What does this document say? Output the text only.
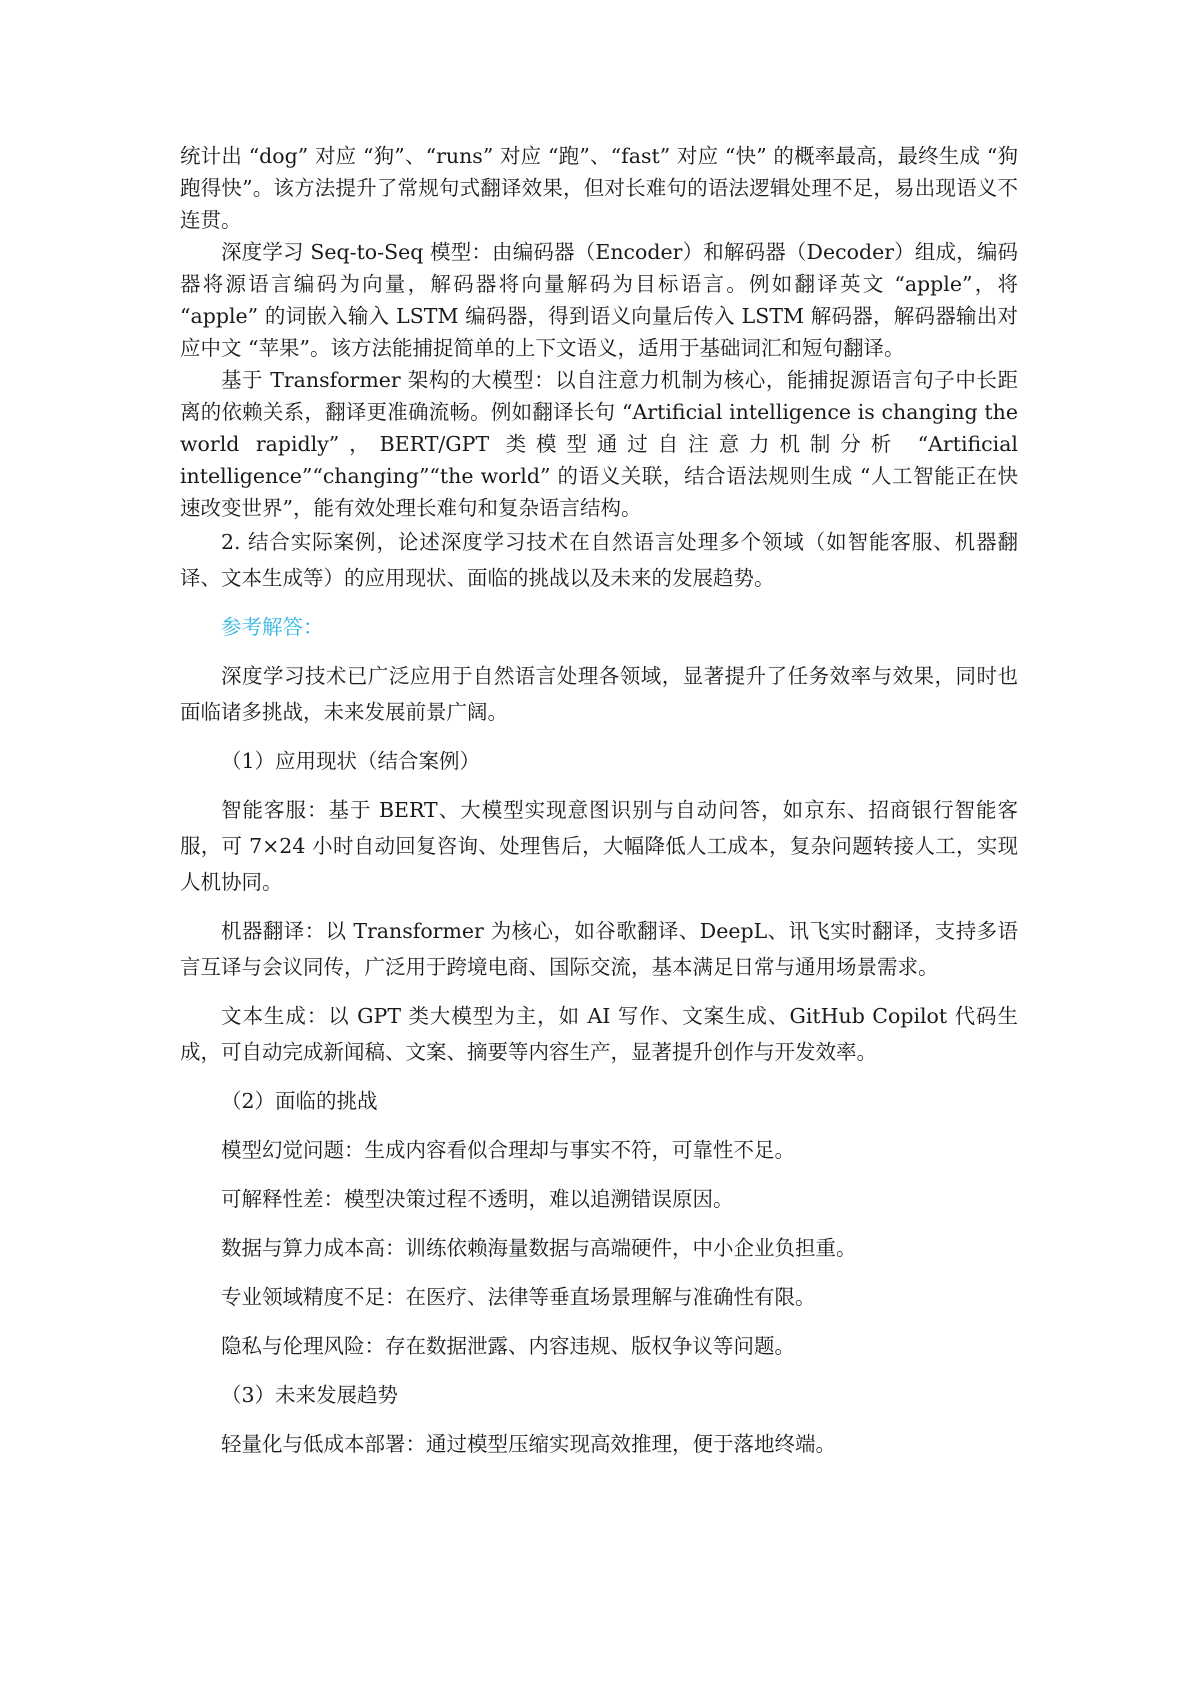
统计出 “dog” 对应 “狗”、“runs” 对应 “跑”、“fast” 对应 “快” 的概率最高，最终生成 “狗跑得快”。该方法提升了常规句式翻译效果，但对长难句的语法逻辑处理不足，易出现语义不连贯。

深度学习 Seq-to-Seq 模型：由编码器（Encoder）和解码器（Decoder）组成，编码器将源语言编码为向量，解码器将向量解码为目标语言。例如翻译英文 “apple”，将 “apple” 的词嵌入输入 LSTM 编码器，得到语义向量后传入 LSTM 解码器，解码器输出对应中文 “苹果”。该方法能捕捉简单的上下文语义，适用于基础词汇和短句翻译。

基于 Transformer 架构的大模型：以自注意力机制为核心，能捕捉源语言句子中长距离的依赖关系，翻译更准确流畅。例如翻译长句 “Artificial intelligence is changing the world rapidly”，BERT/GPT 类模型通过自注意力机制分析 “Artificial intelligence”“changing”“the world” 的语义关联，结合语法规则生成 “人工智能正在快速改变世界”，能有效处理长难句和复杂语言结构。

2. 结合实际案例，论述深度学习技术在自然语言处理多个领域（如智能客服、机器翻译、文本生成等）的应用现状、面临的挑战以及未来的发展趋势。

参考解答：

深度学习技术已广泛应用于自然语言处理各领域，显著提升了任务效率与效果，同时也面临诸多挑战，未来发展前景广阔。

（1）应用现状（结合案例）

智能客服：基于 BERT、大模型实现意图识别与自动问答，如京东、招商银行智能客服，可 7×24 小时自动回复咨询、处理售后，大幅降低人工成本，复杂问题转接人工，实现人机协同。

机器翻译：以 Transformer 为核心，如谷歌翻译、DeepL、讯飞实时翻译，支持多语言互译与会议同传，广泛用于跨境电商、国际交流，基本满足日常与通用场景需求。

文本生成：以 GPT 类大模型为主，如 AI 写作、文案生成、GitHub Copilot 代码生成，可自动完成新闻稿、文案、摘要等内容生产，显著提升创作与开发效率。

（2）面临的挑战

模型幻觉问题：生成内容看似合理却与事实不符，可靠性不足。

可解释性差：模型决策过程不透明，难以追溯错误原因。

数据与算力成本高：训练依赖海量数据与高端硬件，中小企业负担重。

专业领域精度不足：在医疗、法律等垂直场景理解与准确性有限。

隐私与伦理风险：存在数据泄露、内容违规、版权争议等问题。

（3）未来发展趋势

轻量化与低成本部署：通过模型压缩实现高效推理，便于落地终端。
